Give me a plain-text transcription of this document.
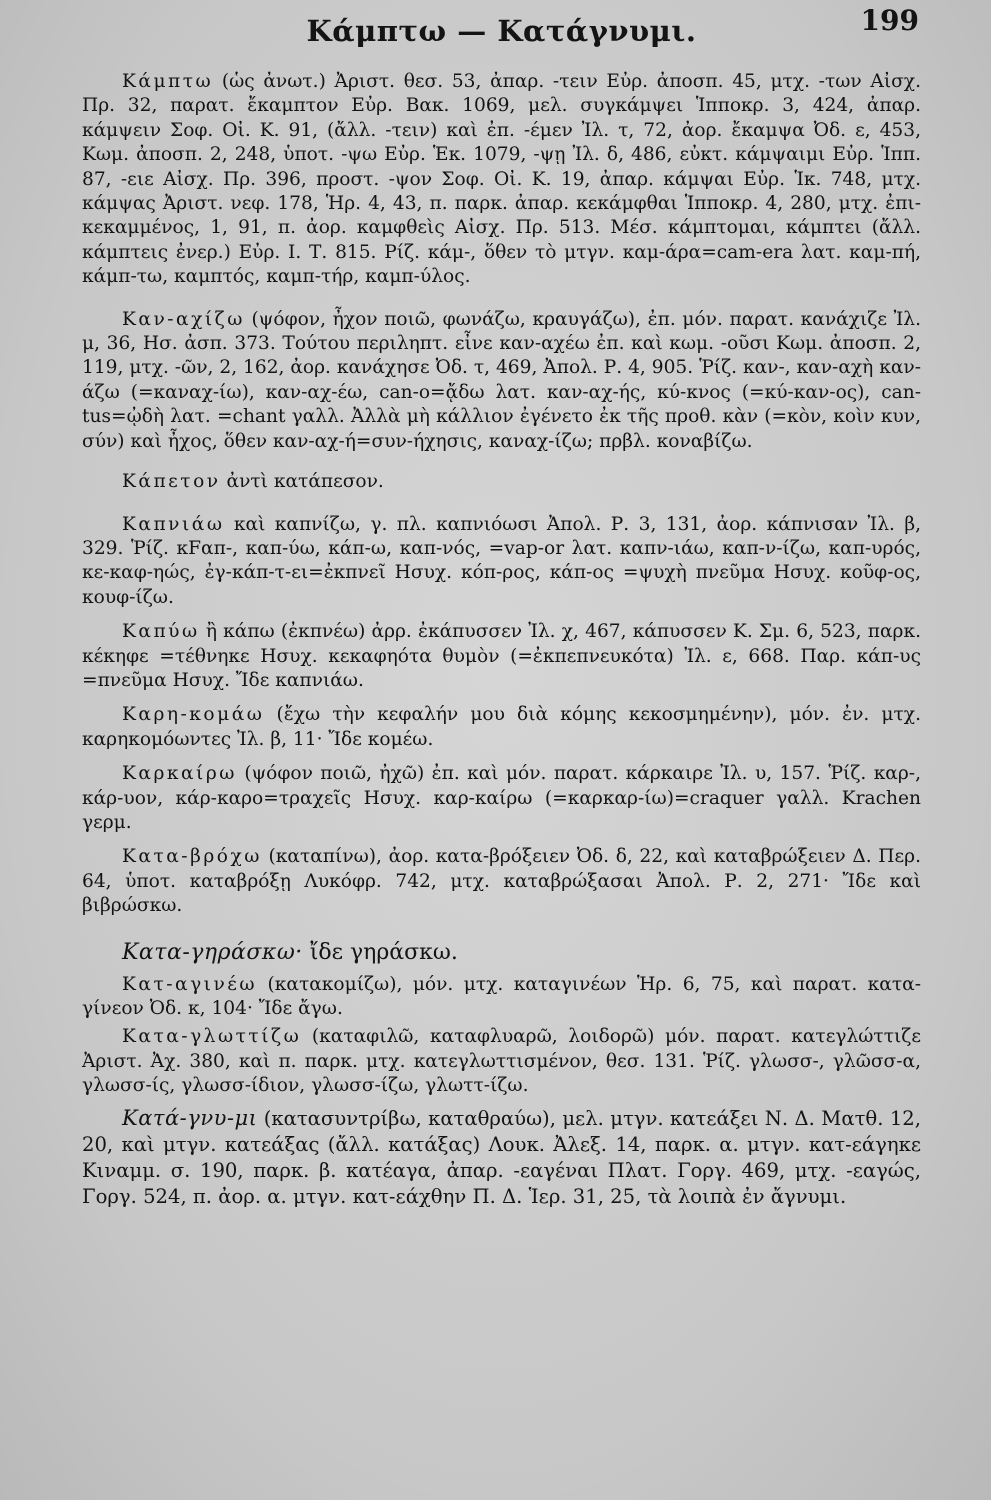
Κάμπτω — Κατάγνυμι.	199

Κάμπτω (ὡς ἀνωτ.) Ἀριστ. θεσ. 53, ἀπαρ. -τειν Εὐρ. ἀποσπ. 45, μτχ. -των Αἰσχ. Πρ. 32, παρατ. ἔκαμπτον Εὐρ. Βακ. 1069, μελ. συγκάμψει Ἱπποκρ. 3, 424, ἀπαρ. κάμψειν Σοφ. Οἰ. Κ. 91, (ἄλλ. -τειν) καὶ ἐπ. -έμεν Ἰλ. τ, 72, ἀορ. ἔκαμψα Ὀδ. ε, 453, Κωμ. ἀποσπ. 2, 248, ὑποτ. -ψω Εὐρ. Ἑκ. 1079, -ψῃ Ἰλ. δ, 486, εὐκτ. κάμψαιμι Εὐρ. Ἱππ. 87, -ειε Αἰσχ. Πρ. 396, προστ. -ψον Σοφ. Οἰ. Κ. 19, ἀπαρ. κάμψαι Εὐρ. Ἱκ. 748, μτχ. κάμψας Ἀριστ. νεφ. 178, Ἡρ. 4, 43, π. παρκ. ἀπαρ. κεκάμφθαι Ἱπποκρ. 4, 280, μτχ. ἐπι-κεκαμμένος, 1, 91, π. ἀορ. καμφθεὶς Αἰσχ. Πρ. 513. Μέσ. κάμπτομαι, κάμπτει (ἄλλ. κάμπτεις ἐνερ.) Εὐρ. Ι. Τ. 815. Ρίζ. κάμ-, ὅθεν τὸ μτγν. καμ-άρα=cam-era λατ. καμ-πή, κάμπ-τω, καμπτός, καμπ-τήρ, καμπ-ύλος.

Καν-αχίζω (ψόφον, ἦχον ποιῶ, φωνάζω, κραυγάζω), ἐπ. μόν. παρατ. κανάχιζε Ἰλ. μ, 36, Ησ. ἀσπ. 373. Τούτου περιληπτ. εἶνε καν-αχέω ἐπ. καὶ κωμ. -οῦσι Κωμ. ἀποσπ. 2, 119, μτχ. -ῶν, 2, 162, ἀορ. κανάχησε Ὀδ. τ, 469, Ἀπολ. Ρ. 4, 905. Ῥίζ. καν-, καν-αχὴ καν-άζω (=καναχ-ίω), καν-αχ-έω, can-o=ᾄδω λατ. καν-αχ-ής, κύ-κνος (=κύ-καν-ος), can-tus=ᾠδὴ λατ. =chant γαλλ. Ἀλλὰ μὴ κάλλιον ἐγένετο ἐκ τῆς προθ. κὰν (=κὸν, κοὶν κυν, σύν) καὶ ἦχος, ὅθεν καν-αχ-ή=συν-ήχησις, καναχ-ίζω; πρβλ. κοναβίζω.

Κάπετον ἀντὶ κατάπεσον.

Καπνιάω καὶ καπνίζω, γ. πλ. καπνιόωσι Ἀπολ. Ρ. 3, 131, ἀορ. κάπνισαν Ἰλ. β, 329. Ῥίζ. κFαπ-, καπ-ύω, κάπ-ω, καπ-νός, =vap-or λατ. καπν-ιάω, καπ-ν-ίζω, καπ-υρός, κε-καφ-ηώς, ἐγ-κάπ-τ-ει=ἐκπνεῖ Ησυχ. κόπ-ρος, κάπ-ος =ψυχὴ πνεῦμα Ησυχ. κοῦφ-ος, κουφ-ίζω.

Καπύω ἢ κάπω (ἐκπνέω) ἀρρ. ἐκάπυσσεν Ἰλ. χ, 467, κάπυσσεν Κ. Σμ. 6, 523, παρκ. κέκηφε =τέθνηκε Ησυχ. κεκαφηότα θυμὸν (=ἐκπεπνευκότα) Ἰλ. ε, 668. Παρ. κάπ-υς =πνεῦμα Ησυχ. Ἴδε καπνιάω.

Καρη-κομάω (ἔχω τὴν κεφαλήν μου διὰ κόμης κεκοσμημένην), μόν. ἐν. μτχ. καρηκομόωντες Ἰλ. β, 11· Ἴδε κομέω.

Καρκαίρω (ψόφον ποιῶ, ἠχῶ) ἐπ. καὶ μόν. παρατ. κάρκαιρε Ἰλ. υ, 157. Ῥίζ. καρ-, κάρ-υον, κάρ-καρο=τραχεῖς Ησυχ. καρ-καίρω (=καρκαρ-ίω)=craquer γαλλ. Krachen γερμ.

Κατα-βρόχω (καταπίνω), ἀορ. κατα-βρόξειεν Ὀδ. δ, 22, καὶ καταβρώξειεν Δ. Περ. 64, ὑποτ. καταβρόξῃ Λυκόφρ. 742, μτχ. καταβρώξασαι Ἀπολ. Ρ. 2, 271· Ἴδε καὶ βιβρώσκω.

Κατα-γηράσκω· ἴδε γηράσκω.

Κατ-αγινέω (κατακομίζω), μόν. μτχ. καταγινέων Ἡρ. 6, 75, καὶ παρατ. κατα-γίνεον Ὀδ. κ, 104· Ἴδε ἄγω.

Κατα-γλωττίζω (καταφιλῶ, καταφλυαρῶ, λοιδορῶ) μόν. παρατ. κατεγλώττιζε Ἀριστ. Ἀχ. 380, καὶ π. παρκ. μτχ. κατεγλωττισμένον, θεσ. 131. Ῥίζ. γλωσσ-, γλῶσσ-α, γλωσσ-ίς, γλωσσ-ίδιον, γλωσσ-ίζω, γλωττ-ίζω.

Κατά-γνυ-μι (κατασυντρίβω, καταθραύω), μελ. μτγν. κατεάξει Ν. Δ. Ματθ. 12, 20, καὶ μτγν. κατεάξας (ἄλλ. κατάξας) Λουκ. Ἀλεξ. 14, παρκ. α. μτγν. κατ-εάγηκε Κιναμμ. σ. 190, παρκ. β. κατέαγα, ἀπαρ. -εαγέναι Πλατ. Γοργ. 469, μτχ. -εαγώς, Γοργ. 524, π. ἀορ. α. μτγν. κατ-εάχθην Π. Δ. Ἱερ. 31, 25, τὰ λοιπὰ ἐν ἄγνυμι.
